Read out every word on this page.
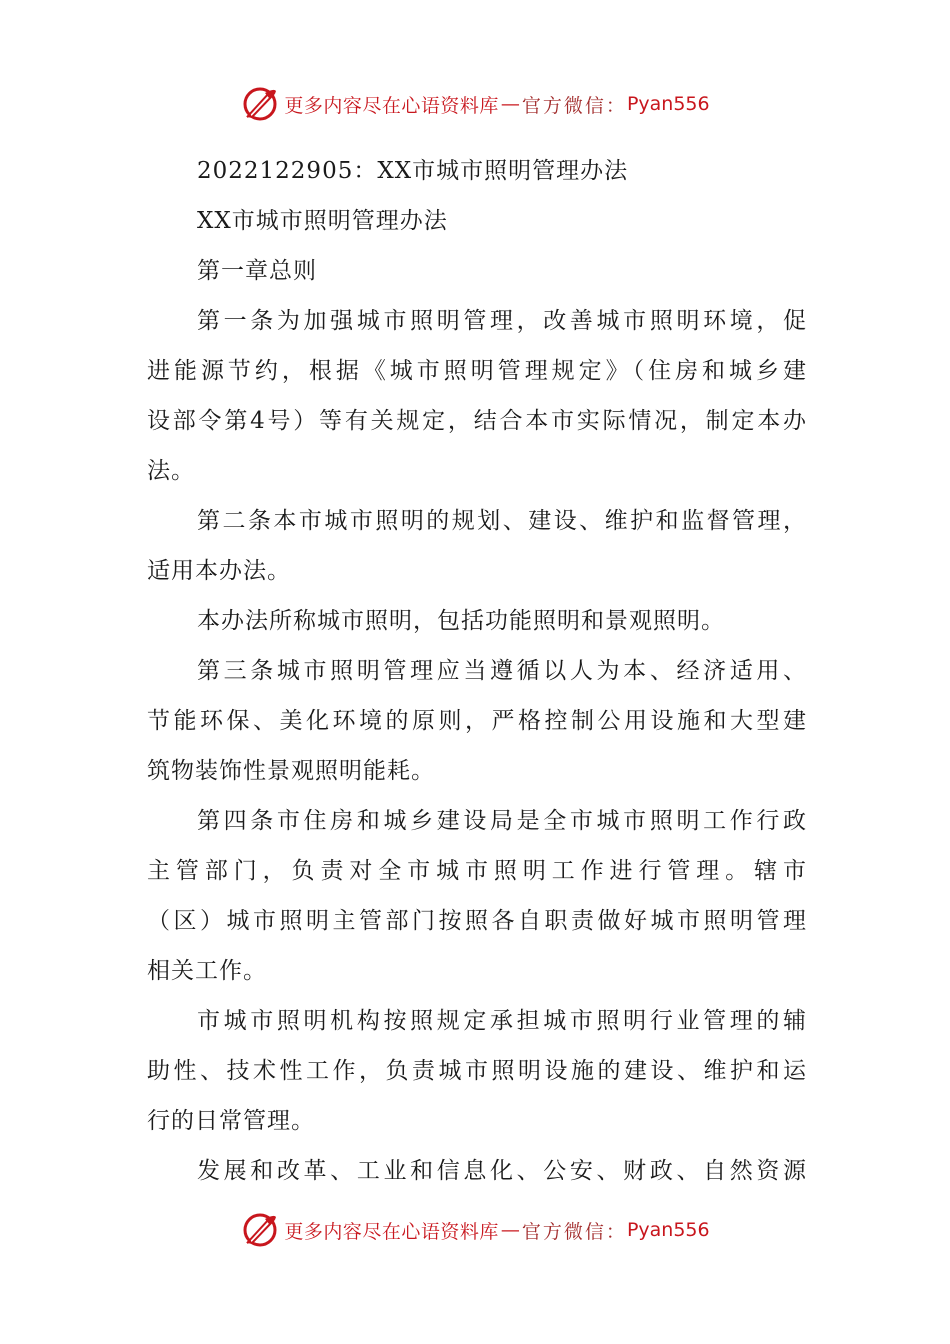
更多内容尽在心语资料库 — 官方微信： Pyan556
2022122905：XX市城市照明管理办法
XX市城市照明管理办法
第一章总则
第一条为加强城市照明管理，改善城市照明环境，促
进能源节约，根据《城市照明管理规定》（住房和城乡建
设部令第4号）等有关规定，结合本市实际情况，制定本办
法。
第二条本市城市照明的规划、建设、维护和监督管理，
适用本办法。
本办法所称城市照明，包括功能照明和景观照明。
第三条城市照明管理应当遵循以人为本、经济适用、
节能环保、美化环境的原则，严格控制公用设施和大型建
筑物装饰性景观照明能耗。
第四条市住房和城乡建设局是全市城市照明工作行政
主管部门，负责对全市城市照明工作进行管理。辖市
（区）城市照明主管部门按照各自职责做好城市照明管理
相关工作。
市城市照明机构按照规定承担城市照明行业管理的辅
助性、技术性工作，负责城市照明设施的建设、维护和运
行的日常管理。
发展和改革、工业和信息化、公安、财政、自然资源
更多内容尽在心语资料库 — 官方微信： Pyan556
